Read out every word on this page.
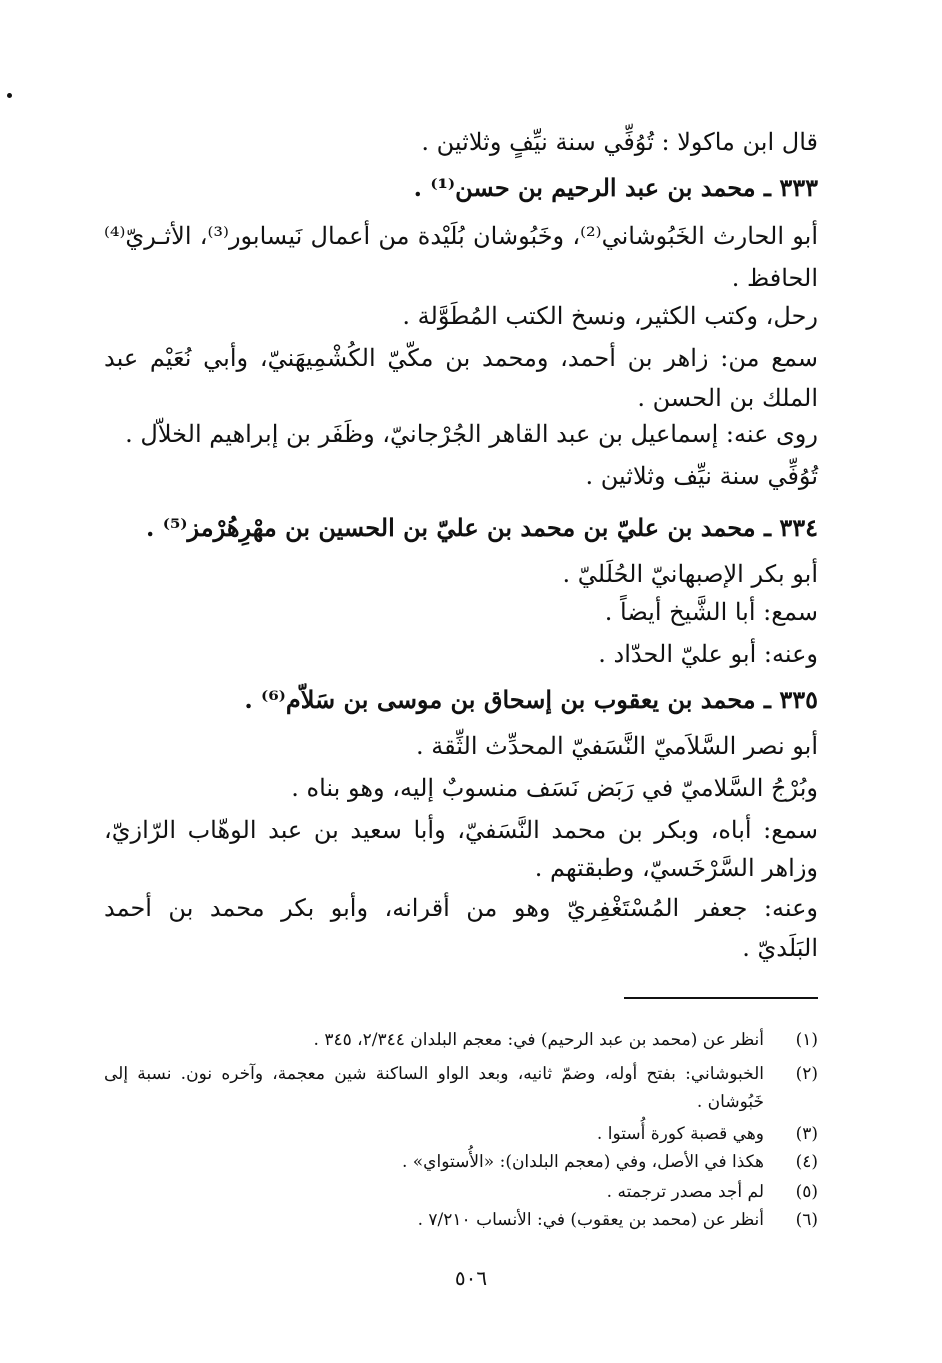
قال ابن ماكولا : تُوُفِّي سنة نيِّفٍ وثلاثين .
٣٣٣ ـ محمد بن عبد الرحيم بن حسن⁽¹⁾ .
أبو الحارث الخَبُوشاني⁽²⁾، وخَبُوشان بُلَيْدة من أعمال نَيسابور⁽³⁾، الأثـريّ⁽⁴⁾
الحافظ .
رحل، وكتب الكثير، ونسخ الكتب المُطَوَّلة .
سمع من: زاهر بن أحمد، ومحمد بن مكّيّ الكُشْمِيهَنيّ، وأبي نُعَيْم عبد
الملك بن الحسن .
روى عنه: إسماعيل بن عبد القاهر الجُرْجانيّ، وظَفَر بن إبراهيم الخلاّل .
تُوُفِّي سنة نيِّف وثلاثين .
٣٣٤ ـ محمد بن عليّ بن محمد بن عليّ بن الحسين بن مهْرِهُرْمز⁽⁵⁾ .
أبو بكر الإصبهانيّ الحُلَليّ .
سمع: أبا الشَّيخ أيضاً .
وعنه: أبو عليّ الحدّاد .
٣٣٥ ـ محمد بن يعقوب بن إسحاق بن موسى بن سَلاّم⁽⁶⁾ .
أبو نصر السَّلاَميّ النَّسَفيّ المحدِّث الثِّقة .
وبُرْجُ السَّلاميّ في رَبَض نَسَف منسوبٌ إليه، وهو بناه .
سمع: أباه، وبكر بن محمد النَّسَفيّ، وأبا سعيد بن عبد الوهّاب الرّازيّ،
وزاهر السَّرْخَسيّ، وطبقتهم .
وعنه: جعفر المُسْتَغْفِريّ وهو من أقرانه، وأبو بكر محمد بن أحمد
البَلَديّ .
(١)
أنظر عن (محمد بن عبد الرحيم) في: معجم البلدان ٢/٣٤٤، ٣٤٥ .
(٢)
الخبوشاني: بفتح أوله، وضمّ ثانيه، وبعد الواو الساكنة شين معجمة، وآخره نون. نسبة إلى
خَبُوشان .
(٣)
وهي قصبة كورة أُستوا .
(٤)
هكذا في الأصل، وفي (معجم البلدان): «الأُستواي» .
(٥)
لم أجد مصدر ترجمته .
(٦)
أنظر عن (محمد بن يعقوب) في: الأنساب ٧/٢١٠ .
٥٠٦
